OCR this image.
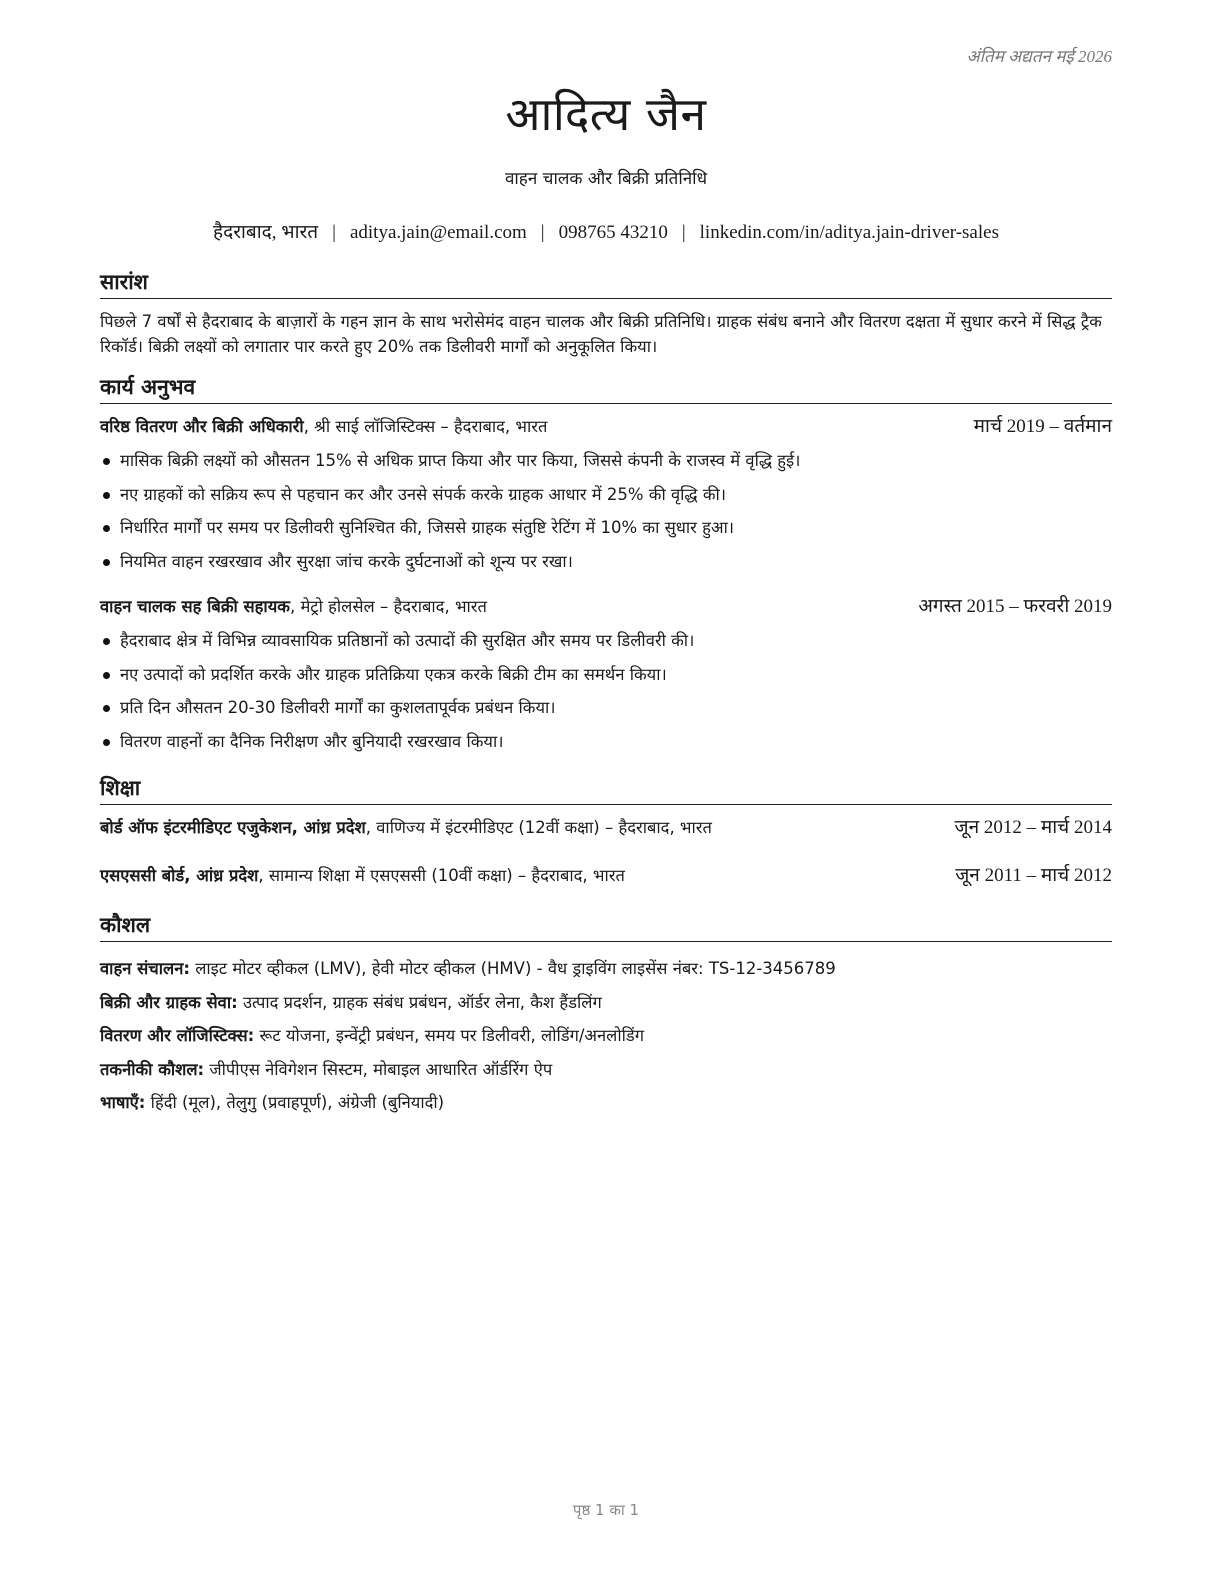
अंतिम अद्यतन मई 2026
आदित्य जैन
वाहन चालक और बिक्री प्रतिनिधि
हैदराबाद, भारत | aditya.jain@email.com | 098765 43210 | linkedin.com/in/aditya.jain-driver-sales
सारांश
पिछले 7 वर्षों से हैदराबाद के बाज़ारों के गहन ज्ञान के साथ भरोसेमंद वाहन चालक और बिक्री प्रतिनिधि। ग्राहक संबंध बनाने और वितरण दक्षता में सुधार करने में सिद्ध ट्रैक रिकॉर्ड। बिक्री लक्ष्यों को लगातार पार करते हुए 20% तक डिलीवरी मार्गों को अनुकूलित किया।
कार्य अनुभव
वरिष्ठ वितरण और बिक्री अधिकारी, श्री साई लॉजिस्टिक्स – हैदराबाद, भारत	मार्च 2019 – वर्तमान
मासिक बिक्री लक्ष्यों को औसतन 15% से अधिक प्राप्त किया और पार किया, जिससे कंपनी के राजस्व में वृद्धि हुई।
नए ग्राहकों को सक्रिय रूप से पहचान कर और उनसे संपर्क करके ग्राहक आधार में 25% की वृद्धि की।
निर्धारित मार्गों पर समय पर डिलीवरी सुनिश्चित की, जिससे ग्राहक संतुष्टि रेटिंग में 10% का सुधार हुआ।
नियमित वाहन रखरखाव और सुरक्षा जांच करके दुर्घटनाओं को शून्य पर रखा।
वाहन चालक सह बिक्री सहायक, मेट्रो होलसेल – हैदराबाद, भारत	अगस्त 2015 – फरवरी 2019
हैदराबाद क्षेत्र में विभिन्न व्यावसायिक प्रतिष्ठानों को उत्पादों की सुरक्षित और समय पर डिलीवरी की।
नए उत्पादों को प्रदर्शित करके और ग्राहक प्रतिक्रिया एकत्र करके बिक्री टीम का समर्थन किया।
प्रति दिन औसतन 20-30 डिलीवरी मार्गों का कुशलतापूर्वक प्रबंधन किया।
वितरण वाहनों का दैनिक निरीक्षण और बुनियादी रखरखाव किया।
शिक्षा
बोर्ड ऑफ इंटरमीडिएट एजुकेशन, आंध्र प्रदेश, वाणिज्य में इंटरमीडिएट (12वीं कक्षा) – हैदराबाद, भारत	जून 2012 – मार्च 2014
एसएससी बोर्ड, आंध्र प्रदेश, सामान्य शिक्षा में एसएससी (10वीं कक्षा) – हैदराबाद, भारत	जून 2011 – मार्च 2012
कौशल
वाहन संचालन: लाइट मोटर व्हीकल (LMV), हेवी मोटर व्हीकल (HMV) - वैध ड्राइविंग लाइसेंस नंबर: TS-12-3456789
बिक्री और ग्राहक सेवा: उत्पाद प्रदर्शन, ग्राहक संबंध प्रबंधन, ऑर्डर लेना, कैश हैंडलिंग
वितरण और लॉजिस्टिक्स: रूट योजना, इन्वेंट्री प्रबंधन, समय पर डिलीवरी, लोडिंग/अनलोडिंग
तकनीकी कौशल: जीपीएस नेविगेशन सिस्टम, मोबाइल आधारित ऑर्डरिंग ऐप
भाषाएँ: हिंदी (मूल), तेलुगु (प्रवाहपूर्ण), अंग्रेजी (बुनियादी)
पृष्ठ 1 का 1
